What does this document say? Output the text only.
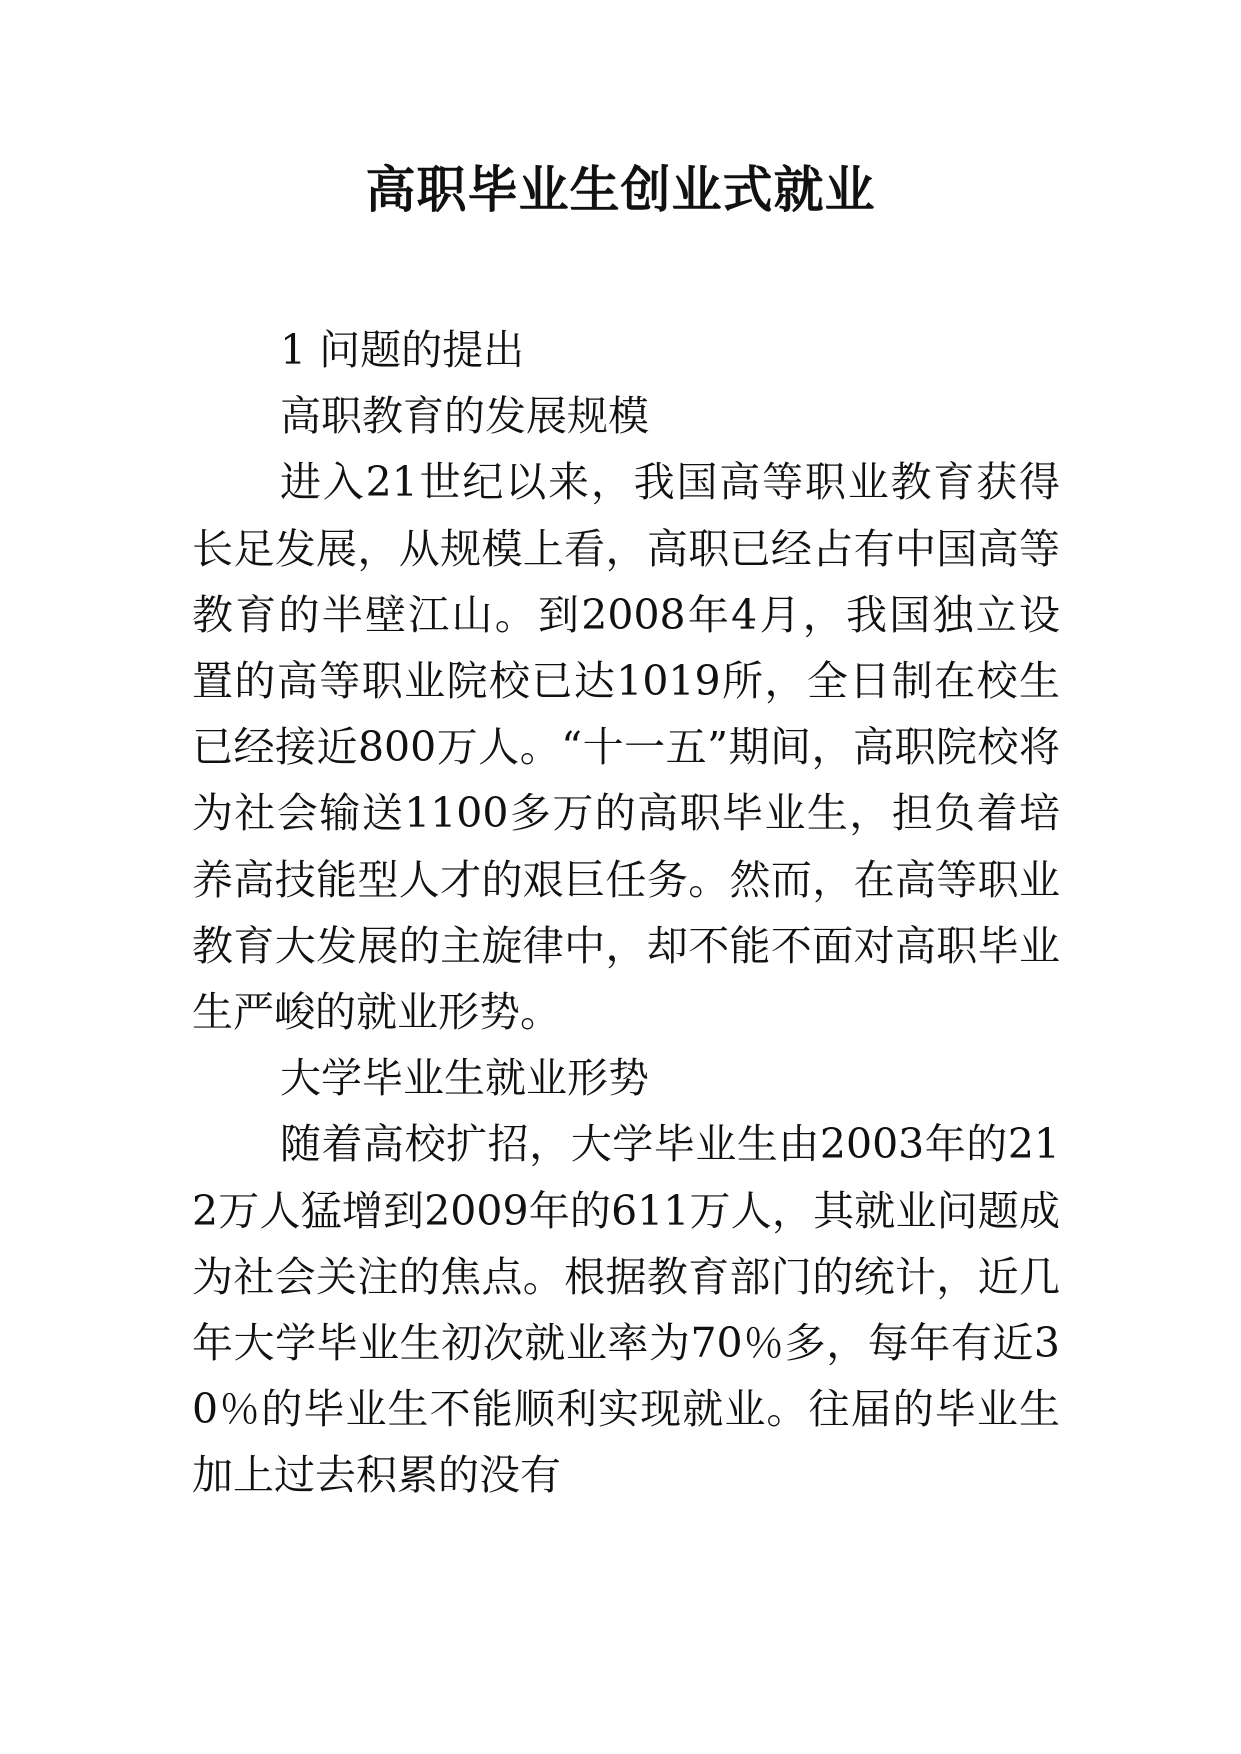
高职毕业生创业式就业

1 问题的提出

高职教育的发展规模

进入21世纪以来，我国高等职业教育获得长足发展，从规模上看，高职已经占有中国高等教育的半壁江山。到2008年4月，我国独立设置的高等职业院校已达1019所，全日制在校生已经接近800万人。“十一五”期间，高职院校将为社会输送1100多万的高职毕业生，担负着培养高技能型人才的艰巨任务。然而，在高等职业教育大发展的主旋律中，却不能不面对高职毕业生严峻的就业形势。

大学毕业生就业形势

随着高校扩招，大学毕业生由2003年的212万人猛增到2009年的611万人，其就业问题成为社会关注的焦点。根据教育部门的统计，近几年大学毕业生初次就业率为70％多，每年有近30％的毕业生不能顺利实现就业。往届的毕业生加上过去积累的没有
